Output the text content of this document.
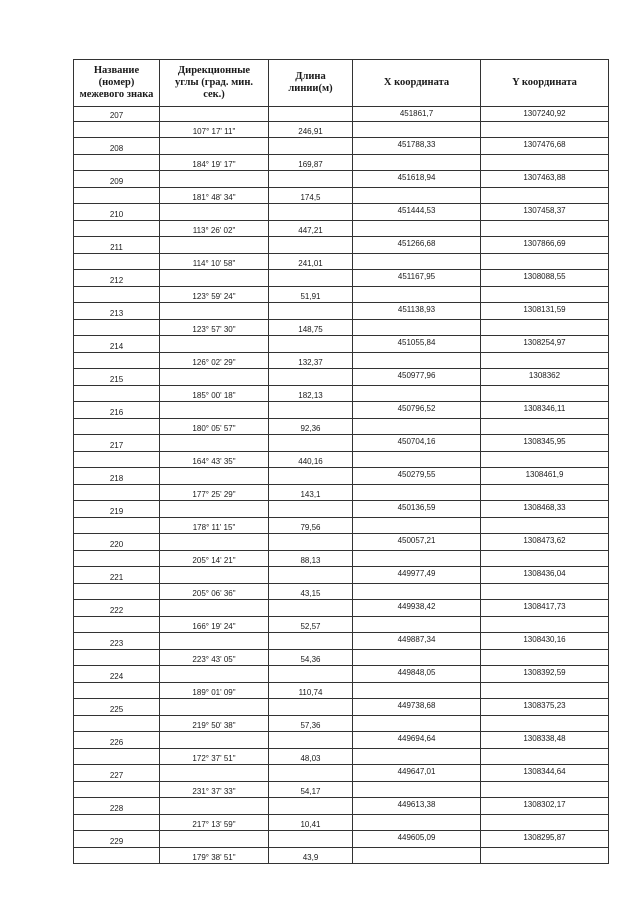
Название
(номер)
межевого знака	Дирекционные
углы (град. мин.
сек.)	Длина
линии(м)	X координата	Y координата
207			451861,7	1307240,92
	107° 17' 11"	246,91		
208			451788,33	1307476,68
	184° 19' 17"	169,87		
209			451618,94	1307463,88
	181° 48' 34"	174,5		
210			451444,53	1307458,37
	113° 26' 02"	447,21		
211			451266,68	1307866,69
	114° 10' 58"	241,01		
212			451167,95	1308088,55
	123° 59' 24"	51,91		
213			451138,93	1308131,59
	123° 57' 30"	148,75		
214			451055,84	1308254,97
	126° 02' 29"	132,37		
215			450977,96	1308362
	185° 00' 18"	182,13		
216			450796,52	1308346,11
	180° 05' 57"	92,36		
217			450704,16	1308345,95
	164° 43' 35"	440,16		
218			450279,55	1308461,9
	177° 25' 29"	143,1		
219			450136,59	1308468,33
	178° 11' 15"	79,56		
220			450057,21	1308473,62
	205° 14' 21"	88,13		
221			449977,49	1308436,04
	205° 06' 36"	43,15		
222			449938,42	1308417,73
	166° 19' 24"	52,57		
223			449887,34	1308430,16
	223° 43' 05"	54,36		
224			449848,05	1308392,59
	189° 01' 09"	110,74		
225			449738,68	1308375,23
	219° 50' 38"	57,36		
226			449694,64	1308338,48
	172° 37' 51"	48,03		
227			449647,01	1308344,64
	231° 37' 33"	54,17		
228			449613,38	1308302,17
	217° 13' 59"	10,41		
229			449605,09	1308295,87
	179° 38' 51"	43,9		
